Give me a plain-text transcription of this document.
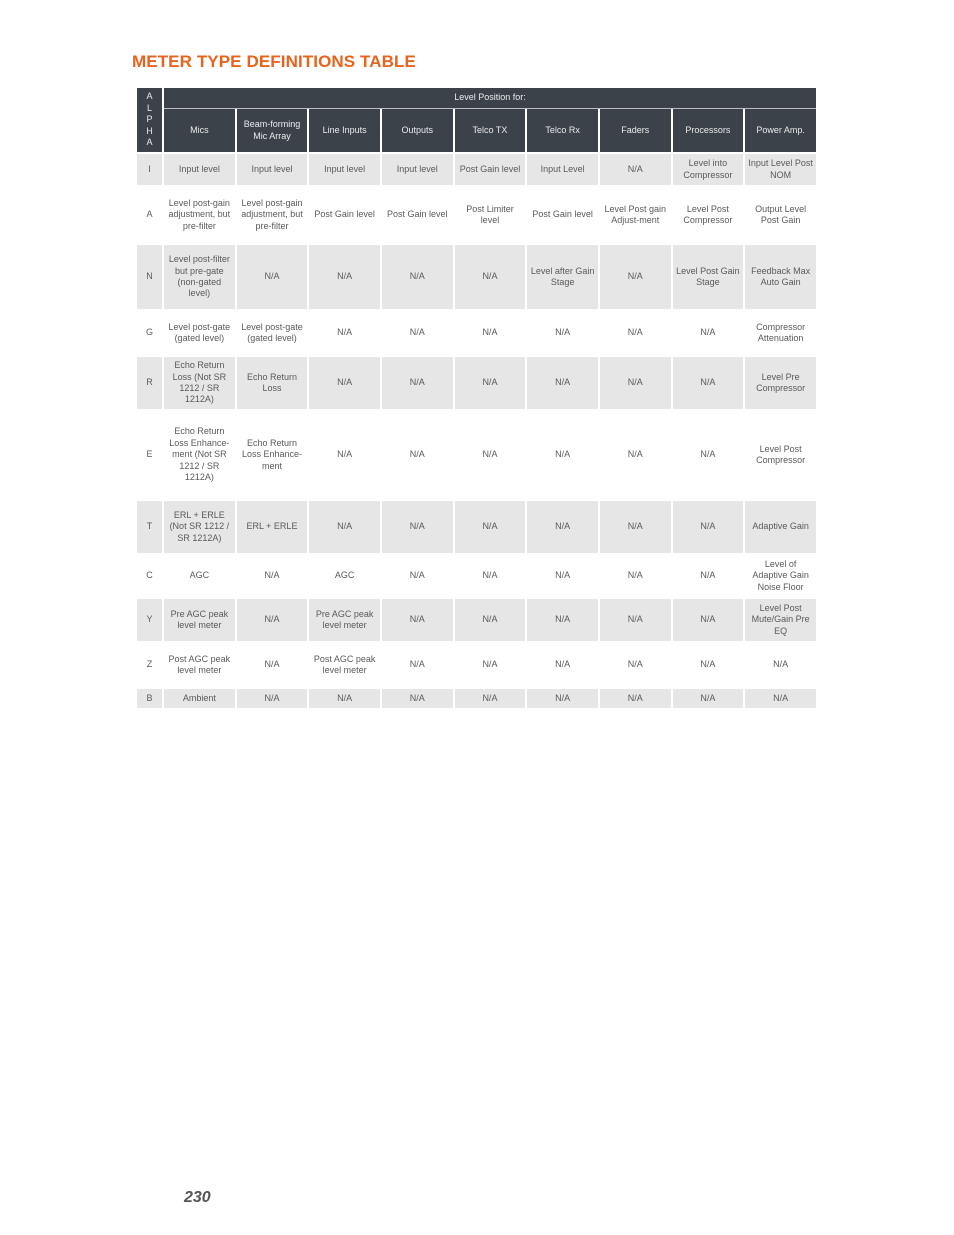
METER TYPE DEFINITIONS TABLE
A
L
P
H
A	Level Position for:								
	Mics	Beam-forming Mic Array	Line Inputs	Outputs	Telco TX	Telco Rx	Faders	Processors	Power Amp.

I	Input level	Input level	Input level	Input level	Post Gain level	Input Level	N/A	Level into Compressor	Input Level Post NOM

A	Level post-gain adjustment, but pre-filter	Level post-gain adjustment, but pre-filter	Post Gain level	Post Gain level	Post Limiter level	Post Gain level	Level Post gain Adjust-ment	Level Post Compressor	Output Level Post Gain

N	Level post-filter but pre-gate (non-gated level)	N/A	N/A	N/A	N/A	Level after Gain Stage	N/A	Level Post Gain Stage	Feedback Max Auto Gain

G	Level post-gate (gated level)	Level post-gate (gated level)	N/A	N/A	N/A	N/A	N/A	N/A	Compressor Attenuation

R	Echo Return Loss (Not SR 1212 / SR 1212A)	Echo Return Loss	N/A	N/A	N/A	N/A	N/A	N/A	Level Pre Compressor

E	Echo Return Loss Enhance-ment (Not SR 1212 / SR 1212A)	Echo Return Loss Enhance-ment	N/A	N/A	N/A	N/A	N/A	N/A	Level Post Compressor

T	ERL + ERLE (Not SR 1212 / SR 1212A)	ERL + ERLE	N/A	N/A	N/A	N/A	N/A	N/A	Adaptive Gain

C	AGC	N/A	AGC	N/A	N/A	N/A	N/A	N/A	Level of Adaptive Gain Noise Floor

Y	Pre AGC peak level meter	N/A	Pre AGC peak level meter	N/A	N/A	N/A	N/A	N/A	Level Post Mute/Gain Pre EQ

Z	Post AGC peak level meter	N/A	Post AGC peak level meter	N/A	N/A	N/A	N/A	N/A	N/A

B	Ambient	N/A	N/A	N/A	N/A	N/A	N/A	N/A	N/A
230
